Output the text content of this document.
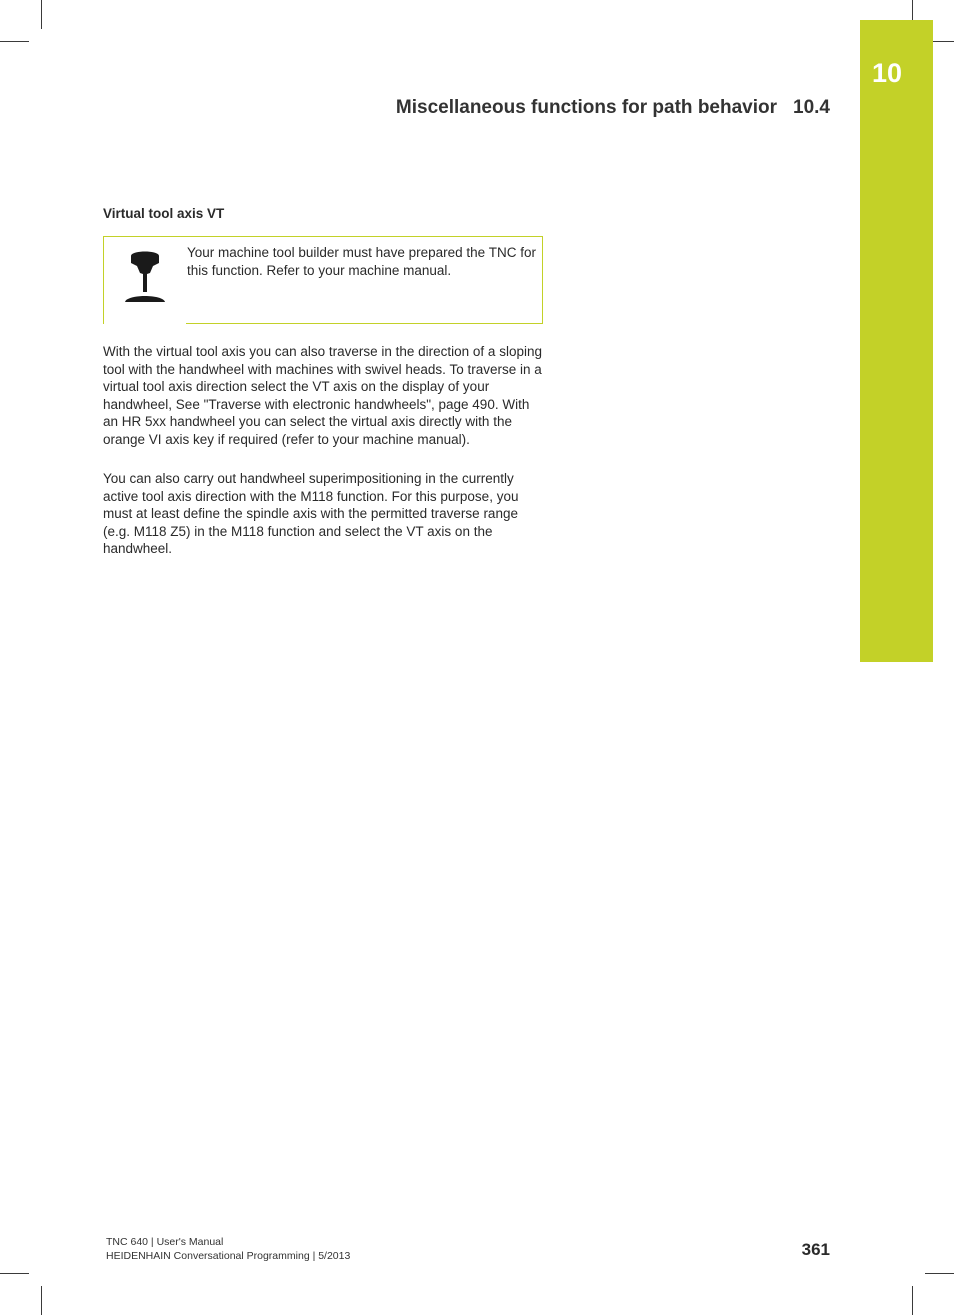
10
Miscellaneous functions for path behavior 10.4
Virtual tool axis VT
Your machine tool builder must have prepared the TNC for this function. Refer to your machine manual.

With the virtual tool axis you can also traverse in the direction of a sloping tool with the handwheel with machines with swivel heads. To traverse in a virtual tool axis direction select the VT axis on the display of your handwheel, See "Traverse with electronic handwheels", page 490. With an HR 5xx handwheel you can select the virtual axis directly with the orange VI axis key if required (refer to your machine manual).

You can also carry out handwheel superimpositioning in the currently active tool axis direction with the M118 function. For this purpose, you must at least define the spindle axis with the permitted traverse range (e.g. M118 Z5) in the M118 function and select the VT axis on the handwheel.

TNC 640 | User's Manual
HEIDENHAIN Conversational Programming | 5/2013	361
